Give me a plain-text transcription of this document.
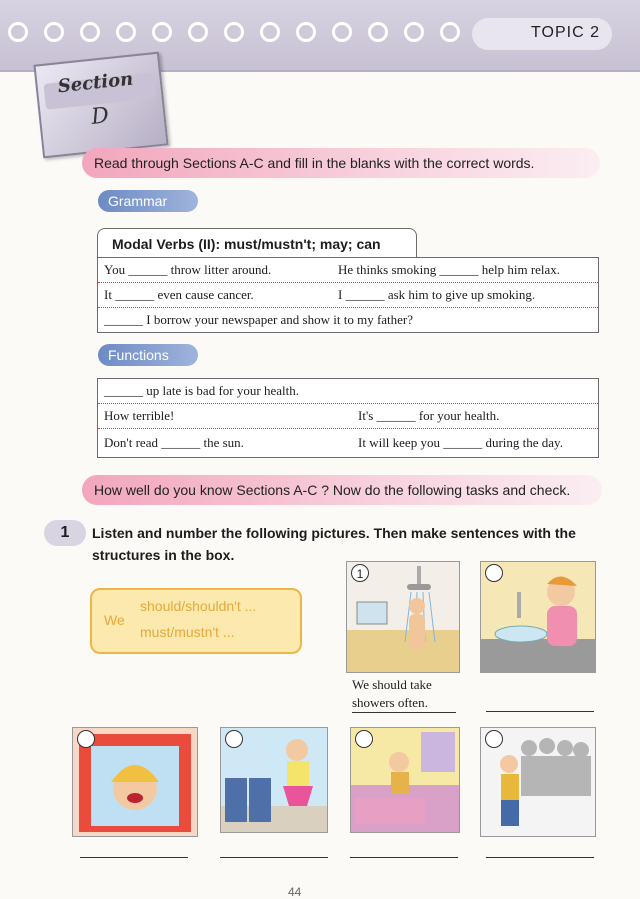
TOPIC 2
Section
D
Read through Sections A-C and fill in the blanks with the correct words.
Grammar
Modal Verbs (II): must/mustn't; may; can
You ______ throw litter around.	He thinks smoking ______ help him relax.
It ______ even cause cancer.	I ______ ask him to give up smoking.
______ I borrow your newspaper and show it to my father?
Functions
______ up late is bad for your health.
How terrible!	It's ______ for your health.
Don't read ______ the sun.	It will keep you ______ during the day.
How well do you know Sections A-C ? Now do the following tasks and check.
1	Listen and number the following pictures. Then make sentences with the structures in the box.
We
should/shouldn't ...
must/mustn't ...
1
We should take
showers often.
44
